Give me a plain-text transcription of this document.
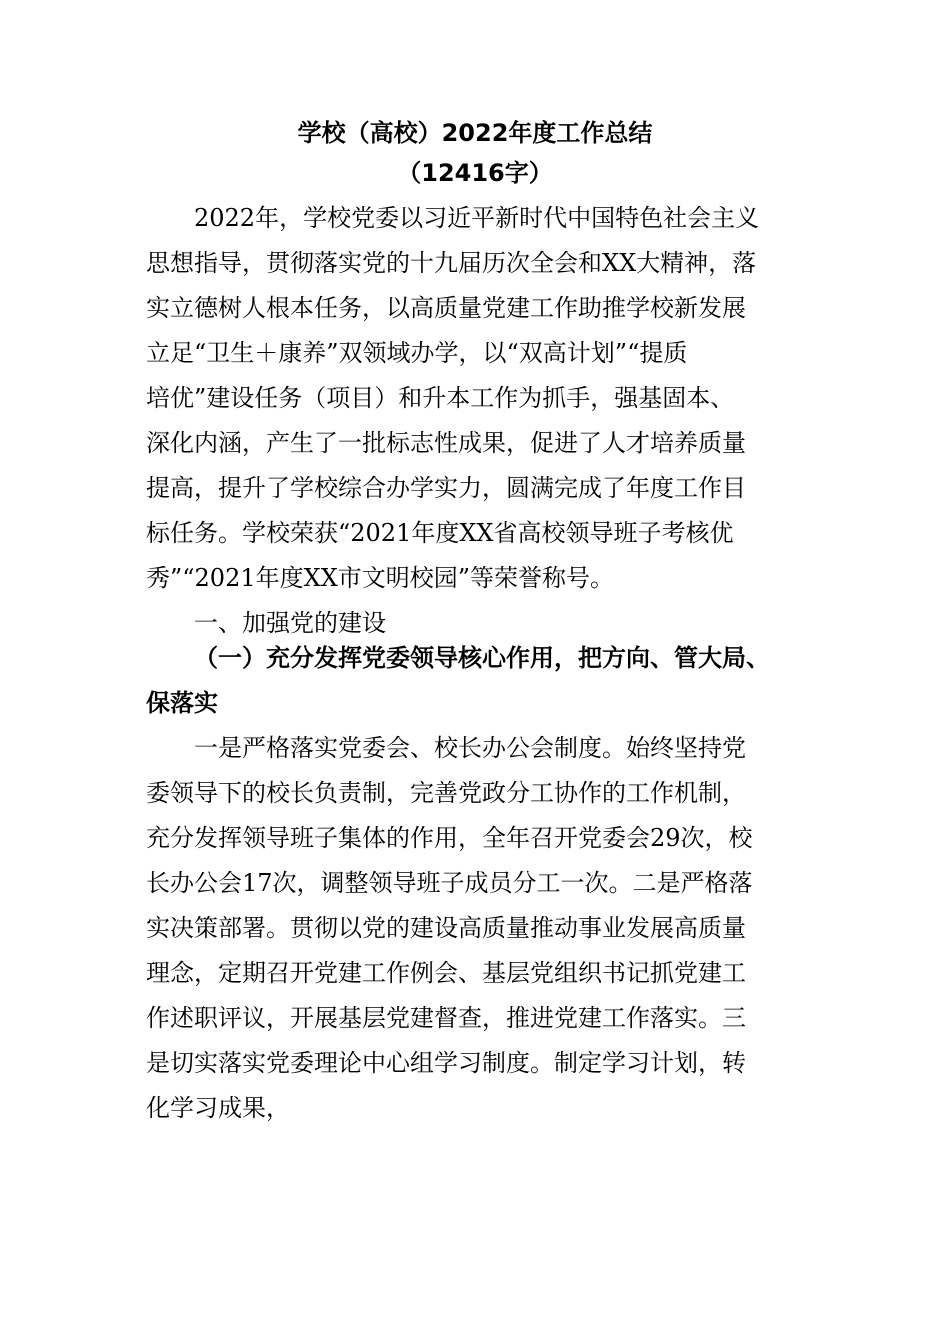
学校（高校）2022年度工作总结
（12416字）
2022年，学校党委以习近平新时代中国特色社会主义
思想指导，贯彻落实党的十九届历次全会和XX大精神，落
实立德树人根本任务，以高质量党建工作助推学校新发展
立足“卫生＋康养”双领域办学，以“双高计划”“提质
培优”建设任务（项目）和升本工作为抓手，强基固本、
深化内涵，产生了一批标志性成果，促进了人才培养质量
提高，提升了学校综合办学实力，圆满完成了年度工作目
标任务。学校荣获“2021年度XX省高校领导班子考核优
秀”“2021年度XX市文明校园”等荣誉称号。
一、加强党的建设
（一）充分发挥党委领导核心作用，把方向、管大局、
保落实
一是严格落实党委会、校长办公会制度。始终坚持党
委领导下的校长负责制，完善党政分工协作的工作机制，
充分发挥领导班子集体的作用，全年召开党委会29次，校
长办公会17次，调整领导班子成员分工一次。二是严格落
实决策部署。贯彻以党的建设高质量推动事业发展高质量
理念，定期召开党建工作例会、基层党组织书记抓党建工
作述职评议，开展基层党建督查，推进党建工作落实。三
是切实落实党委理论中心组学习制度。制定学习计划，转
化学习成果，
